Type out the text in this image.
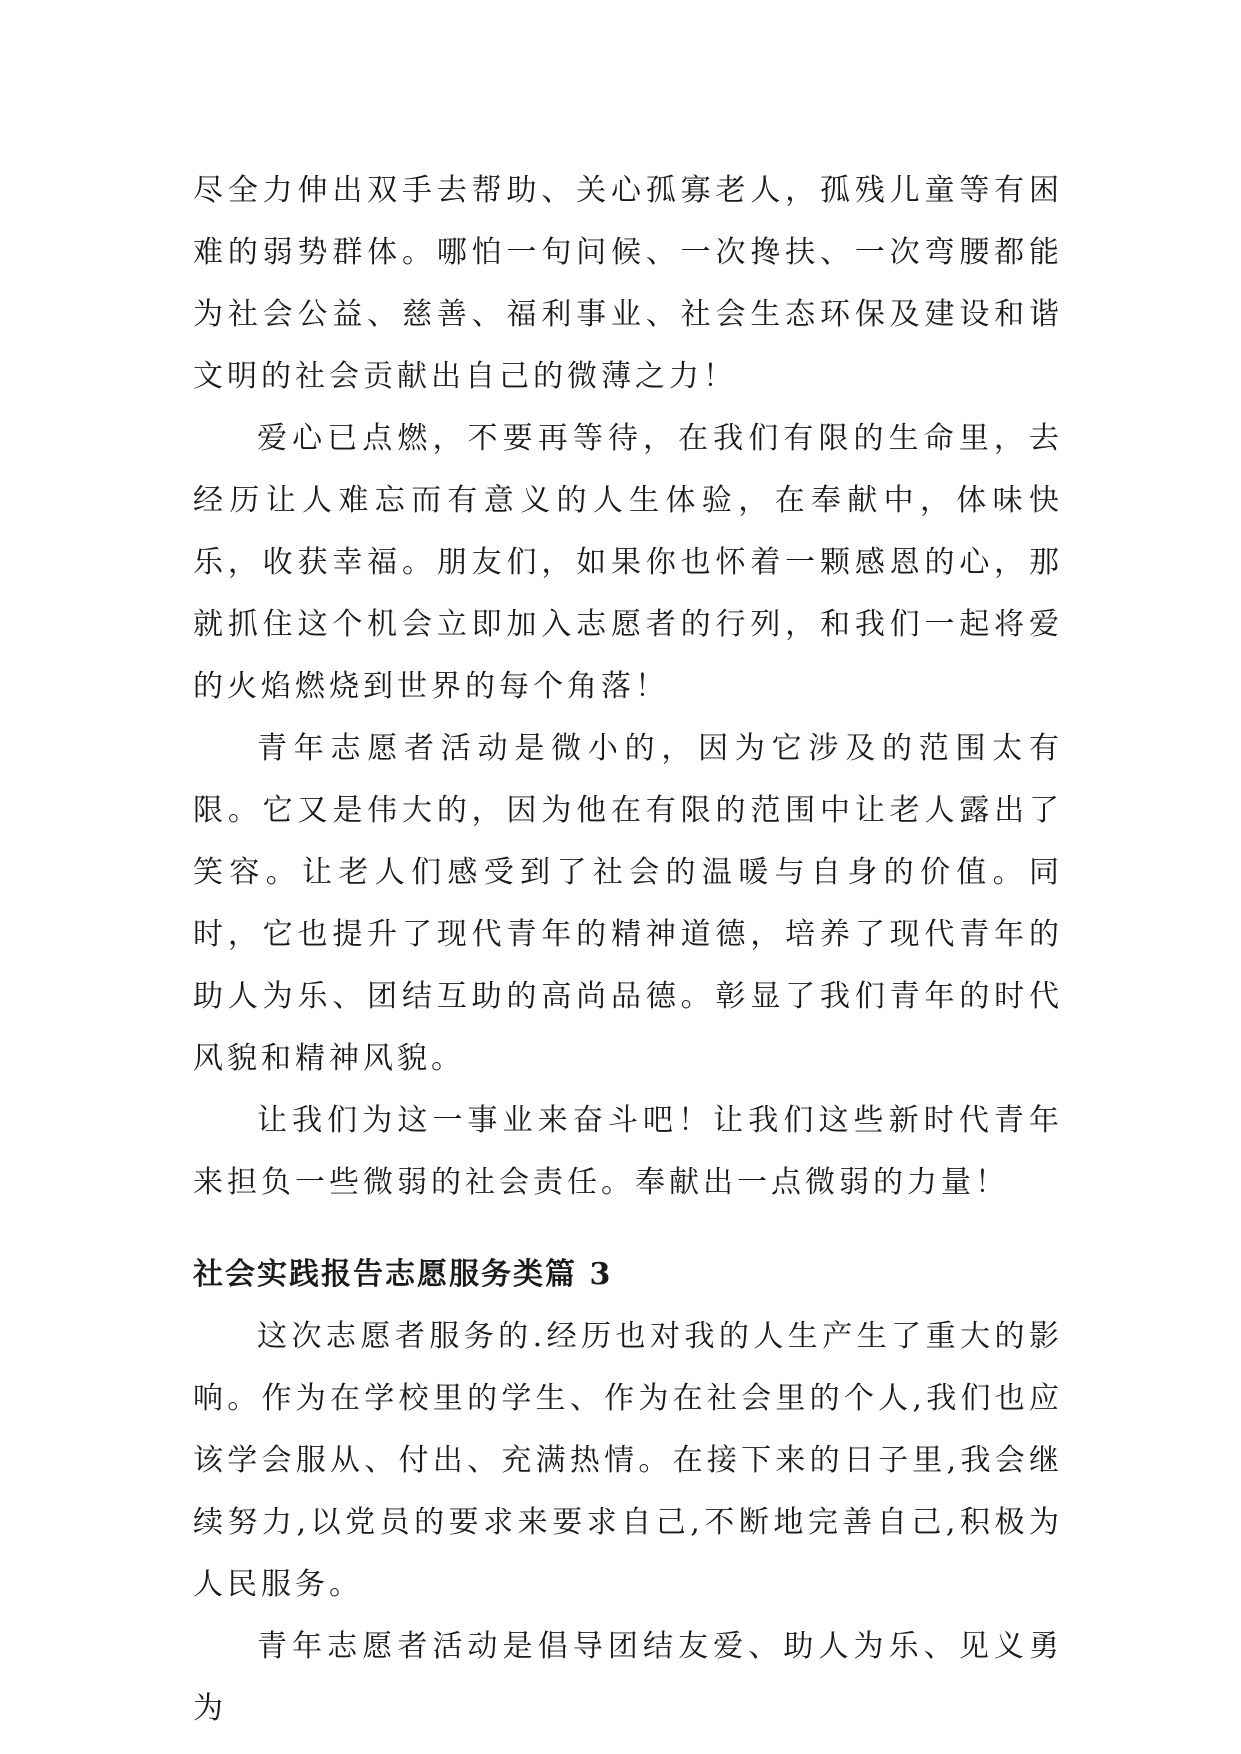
尽全力伸出双手去帮助、关心孤寡老人，孤残儿童等有困难的弱势群体。哪怕一句问候、一次搀扶、一次弯腰都能为社会公益、慈善、福利事业、社会生态环保及建设和谐文明的社会贡献出自己的微薄之力！

爱心已点燃，不要再等待，在我们有限的生命里，去经历让人难忘而有意义的人生体验，在奉献中，体味快乐，收获幸福。朋友们，如果你也怀着一颗感恩的心，那就抓住这个机会立即加入志愿者的行列，和我们一起将爱的火焰燃烧到世界的每个角落！

青年志愿者活动是微小的，因为它涉及的范围太有限。它又是伟大的，因为他在有限的范围中让老人露出了笑容。让老人们感受到了社会的温暖与自身的价值。同时，它也提升了现代青年的精神道德，培养了现代青年的助人为乐、团结互助的高尚品德。彰显了我们青年的时代风貌和精神风貌。

让我们为这一事业来奋斗吧！让我们这些新时代青年来担负一些微弱的社会责任。奉献出一点微弱的力量！

社会实践报告志愿服务类篇 3

这次志愿者服务的.经历也对我的人生产生了重大的影响。作为在学校里的学生、作为在社会里的个人,我们也应该学会服从、付出、充满热情。在接下来的日子里,我会继续努力,以党员的要求来要求自己,不断地完善自己,积极为人民服务。

青年志愿者活动是倡导团结友爱、助人为乐、见义勇为
